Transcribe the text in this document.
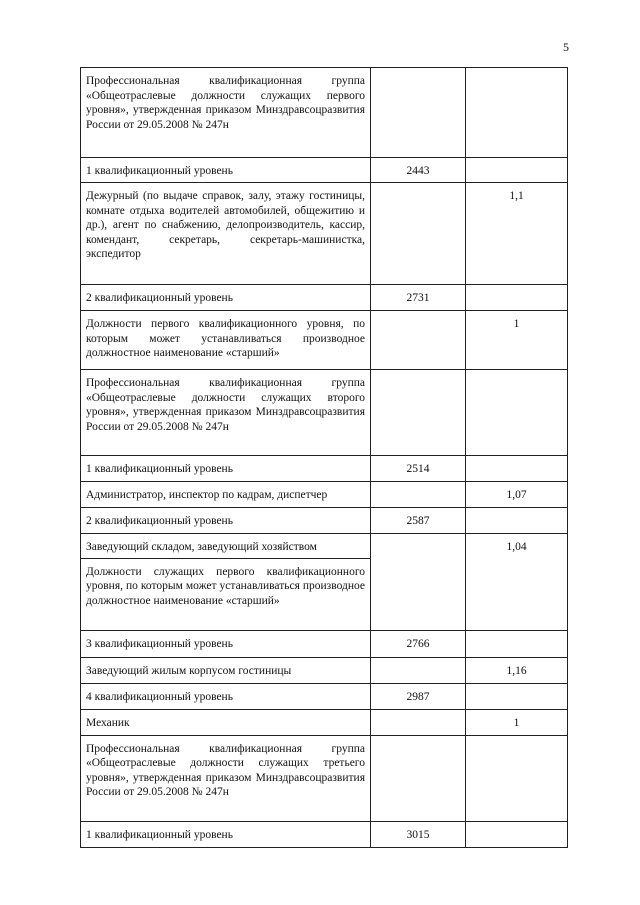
5
Профессиональная квалификационная группа «Общеотраслевые должности служащих первого уровня», утвержденная приказом Минздравсоцразвития России от 29.05.2008 № 247н		
1 квалификационный уровень	2443	
Дежурный (по выдаче справок, залу, этажу гостиницы, комнате отдыха водителей автомобилей, общежитию и др.), агент по снабжению, делопроизводитель, кассир, комендант, секретарь, секретарь-машинистка, экспедитор		1,1
2 квалификационный уровень	2731	
Должности первого квалификационного уровня, по которым может устанавливаться производное должностное наименование «старший»		1
Профессиональная квалификационная группа «Общеотраслевые должности служащих второго уровня», утвержденная приказом Минздравсоцразвития России от 29.05.2008 № 247н		
1 квалификационный уровень	2514	
Администратор, инспектор по кадрам, диспетчер		1,07
2 квалификационный уровень	2587	
Заведующий складом, заведующий хозяйством		1,04
Должности служащих первого квалификационного уровня, по которым может устанавливаться производное должностное наименование «старший»		
3 квалификационный уровень	2766	
Заведующий жилым корпусом гостиницы		1,16
4 квалификационный уровень	2987	
Механик		1
Профессиональная квалификационная группа «Общеотраслевые должности служащих третьего уровня», утвержденная приказом Минздравсоцразвития России от 29.05.2008 № 247н		
1 квалификационный уровень	3015	
